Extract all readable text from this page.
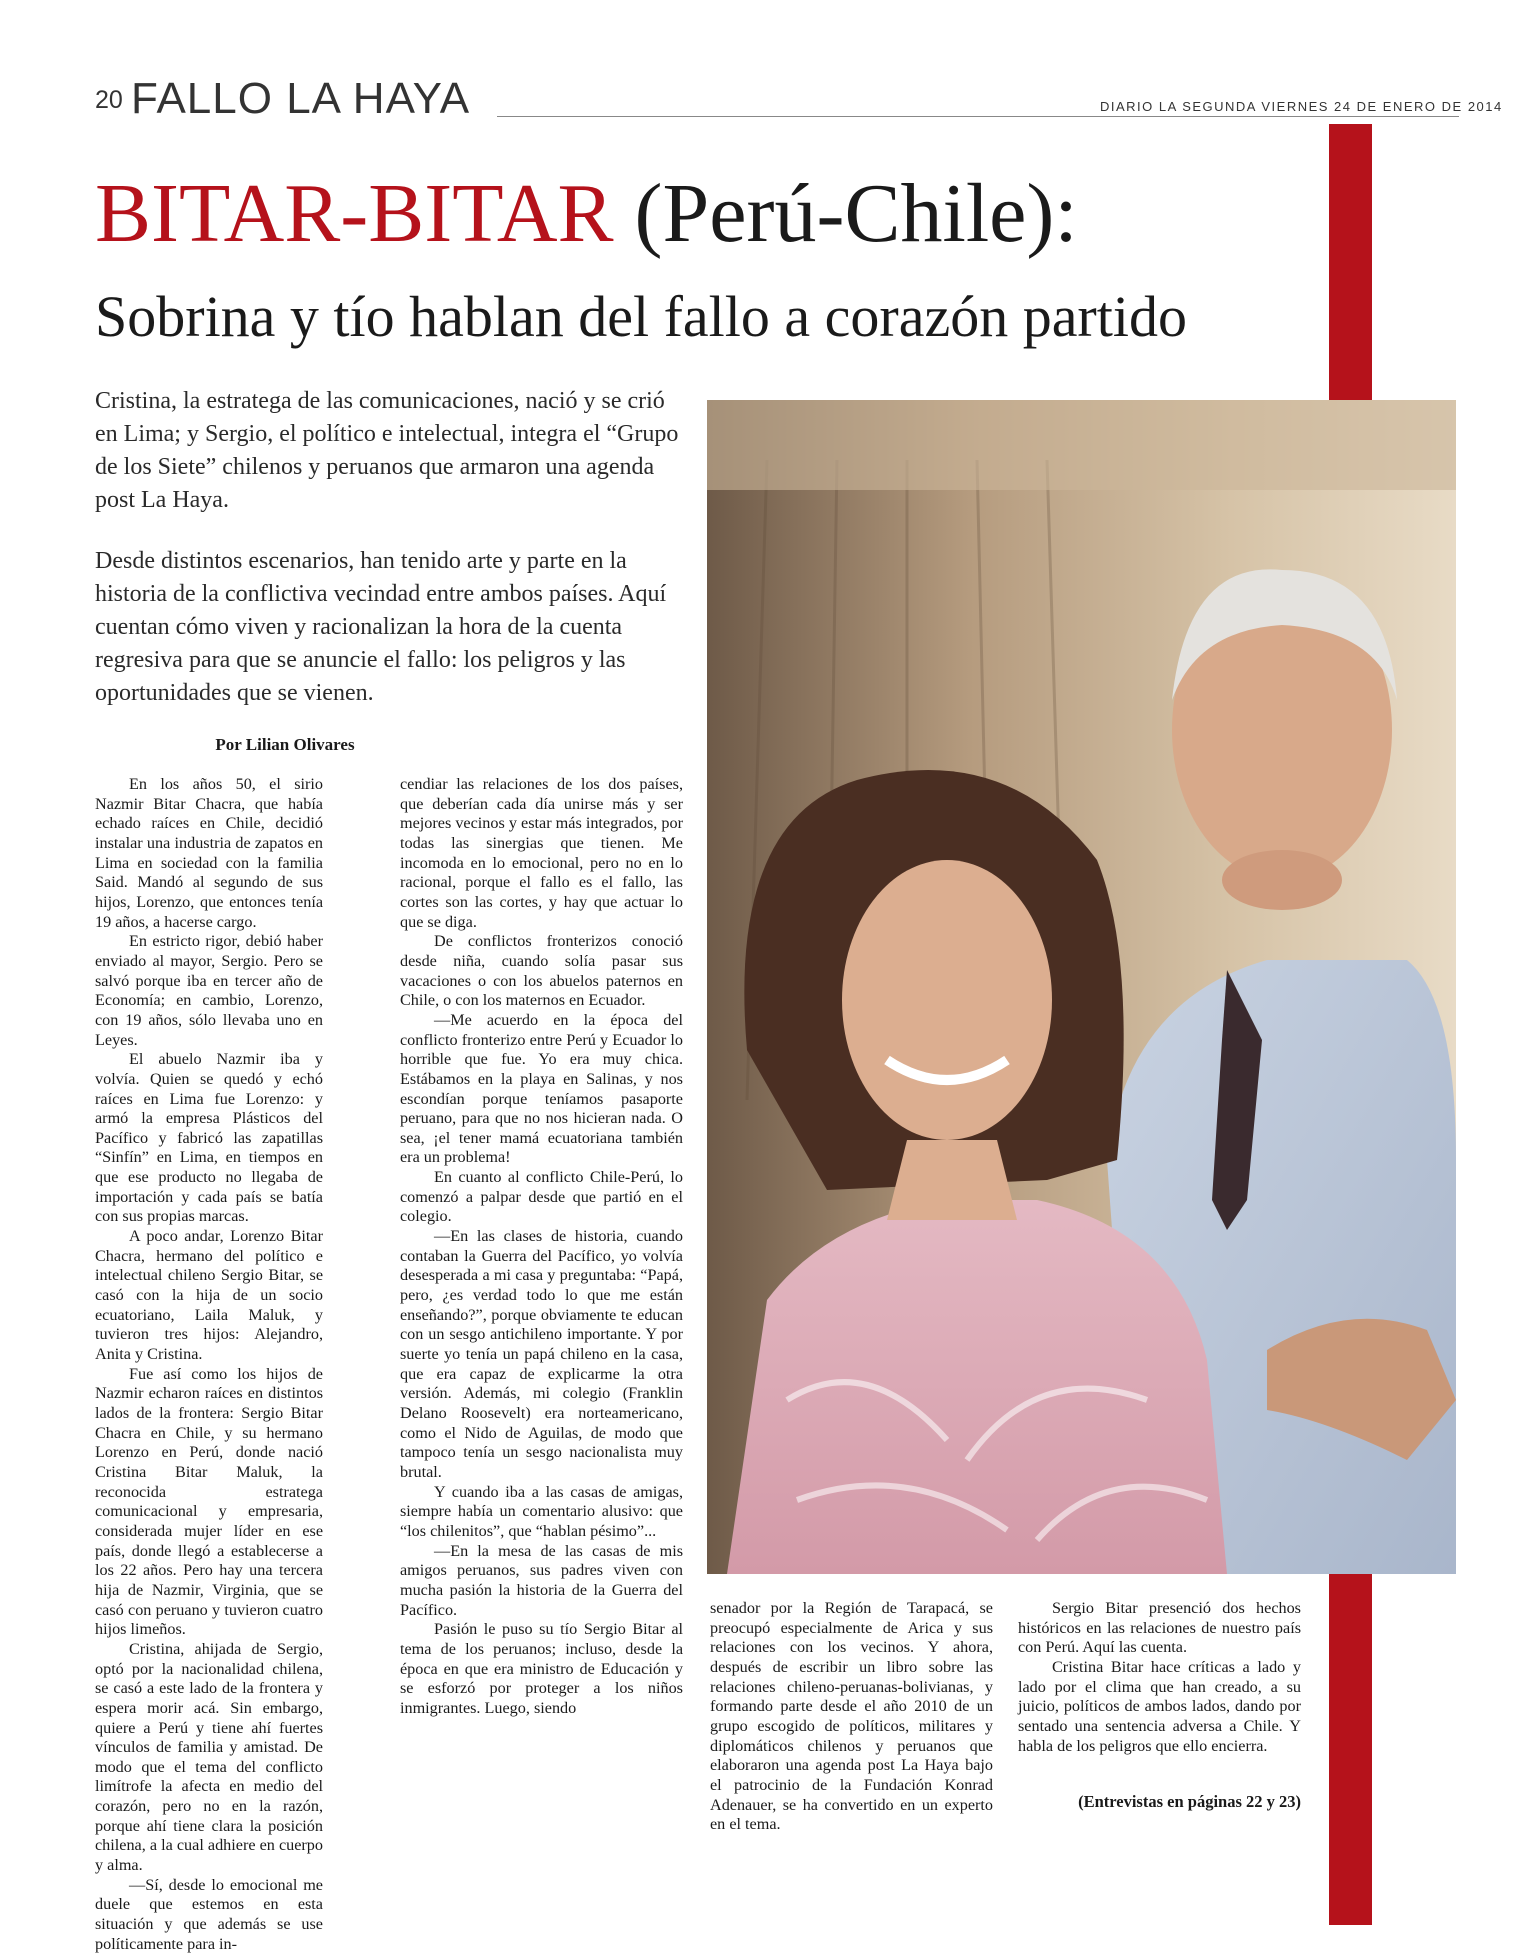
20 FALLO LA HAYA	DIARIO LA SEGUNDA VIERNES 24 DE ENERO DE 2014
BITAR-BITAR (Perú-Chile):
Sobrina y tío hablan del fallo a corazón partido
Cristina, la estratega de las comunicaciones, nació y se crió en Lima; y Sergio, el político e intelectual, integra el “Grupo de los Siete” chilenos y peruanos que armaron una agenda post La Haya.
Desde distintos escenarios, han tenido arte y parte en la historia de la conflictiva vecindad entre ambos países. Aquí cuentan cómo viven y racionalizan la hora de la cuenta regresiva para que se anuncie el fallo: los peligros y las oportunidades que se vienen.
Por Lilian Olivares

En los años 50, el sirio Nazmir Bitar Chacra, que había echado raíces en Chile, decidió instalar una industria de zapatos en Lima en sociedad con la familia Said. Mandó al segundo de sus hijos, Lorenzo, que entonces tenía 19 años, a hacerse cargo.

En estricto rigor, debió haber enviado al mayor, Sergio. Pero se salvó porque iba en tercer año de Economía; en cambio, Lorenzo, con 19 años, sólo llevaba uno en Leyes.

El abuelo Nazmir iba y volvía. Quien se quedó y echó raíces en Lima fue Lorenzo: y armó la empresa Plásticos del Pacífico y fabricó las zapatillas “Sinfín” en Lima, en tiempos en que ese producto no llegaba de importación y cada país se batía con sus propias marcas.

A poco andar, Lorenzo Bitar Chacra, hermano del político e intelectual chileno Sergio Bitar, se casó con la hija de un socio ecuatoriano, Laila Maluk, y tuvieron tres hijos: Alejandro, Anita y Cristina.

Fue así como los hijos de Nazmir echaron raíces en distintos lados de la frontera: Sergio Bitar Chacra en Chile, y su hermano Lorenzo en Perú, donde nació Cristina Bitar Maluk, la reconocida estratega comunicacional y empresaria, considerada mujer líder en ese país, donde llegó a establecerse a los 22 años. Pero hay una tercera hija de Nazmir, Virginia, que se casó con peruano y tuvieron cuatro hijos limeños.

Cristina, ahijada de Sergio, optó por la nacionalidad chilena, se casó a este lado de la frontera y espera morir acá. Sin embargo, quiere a Perú y tiene ahí fuertes vínculos de familia y amistad. De modo que el tema del conflicto limítrofe la afecta en medio del corazón, pero no en la razón, porque ahí tiene clara la posición chilena, a la cual adhiere en cuerpo y alma.

—Sí, desde lo emocional me duele que estemos en esta situación y que además se use políticamente para in-

cendiar las relaciones de los dos países, que deberían cada día unirse más y ser mejores vecinos y estar más integrados, por todas las sinergias que tienen. Me incomoda en lo emocional, pero no en lo racional, porque el fallo es el fallo, las cortes son las cortes, y hay que actuar lo que se diga.

De conflictos fronterizos conoció desde niña, cuando solía pasar sus vacaciones o con los abuelos paternos en Chile, o con los maternos en Ecuador.

—Me acuerdo en la época del conflicto fronterizo entre Perú y Ecuador lo horrible que fue. Yo era muy chica. Estábamos en la playa en Salinas, y nos escondían porque teníamos pasaporte peruano, para que no nos hicieran nada. O sea, ¡el tener mamá ecuatoriana también era un problema!

En cuanto al conflicto Chile-Perú, lo comenzó a palpar desde que partió en el colegio.

—En las clases de historia, cuando contaban la Guerra del Pacífico, yo volvía desesperada a mi casa y preguntaba: “Papá, pero, ¿es verdad todo lo que me están enseñando?”, porque obviamente te educan con un sesgo antichileno importante. Y por suerte yo tenía un papá chileno en la casa, que era capaz de explicarme la otra versión. Además, mi colegio (Franklin Delano Roosevelt) era norteamericano, como el Nido de Aguilas, de modo que tampoco tenía un sesgo nacionalista muy brutal.

Y cuando iba a las casas de amigas, siempre había un comentario alusivo: que “los chilenitos”, que “hablan pésimo”...

—En la mesa de las casas de mis amigos peruanos, sus padres viven con mucha pasión la historia de la Guerra del Pacífico.

Pasión le puso su tío Sergio Bitar al tema de los peruanos; incluso, desde la época en que era ministro de Educación y se esforzó por proteger a los niños inmigrantes. Luego, siendo

senador por la Región de Tarapacá, se preocupó especialmente de Arica y sus relaciones con los vecinos. Y ahora, después de escribir un libro sobre las relaciones chileno-peruanas-bolivianas, y formando parte desde el año 2010 de un grupo escogido de políticos, militares y diplomáticos chilenos y peruanos que elaboraron una agenda post La Haya bajo el patrocinio de la Fundación Konrad Adenauer, se ha convertido en un experto en el tema.

Sergio Bitar presenció dos hechos históricos en las relaciones de nuestro país con Perú. Aquí las cuenta.

Cristina Bitar hace críticas a lado y lado por el clima que han creado, a su juicio, políticos de ambos lados, dando por sentado una sentencia adversa a Chile. Y habla de los peligros que ello encierra.

(Entrevistas en páginas 22 y 23)
